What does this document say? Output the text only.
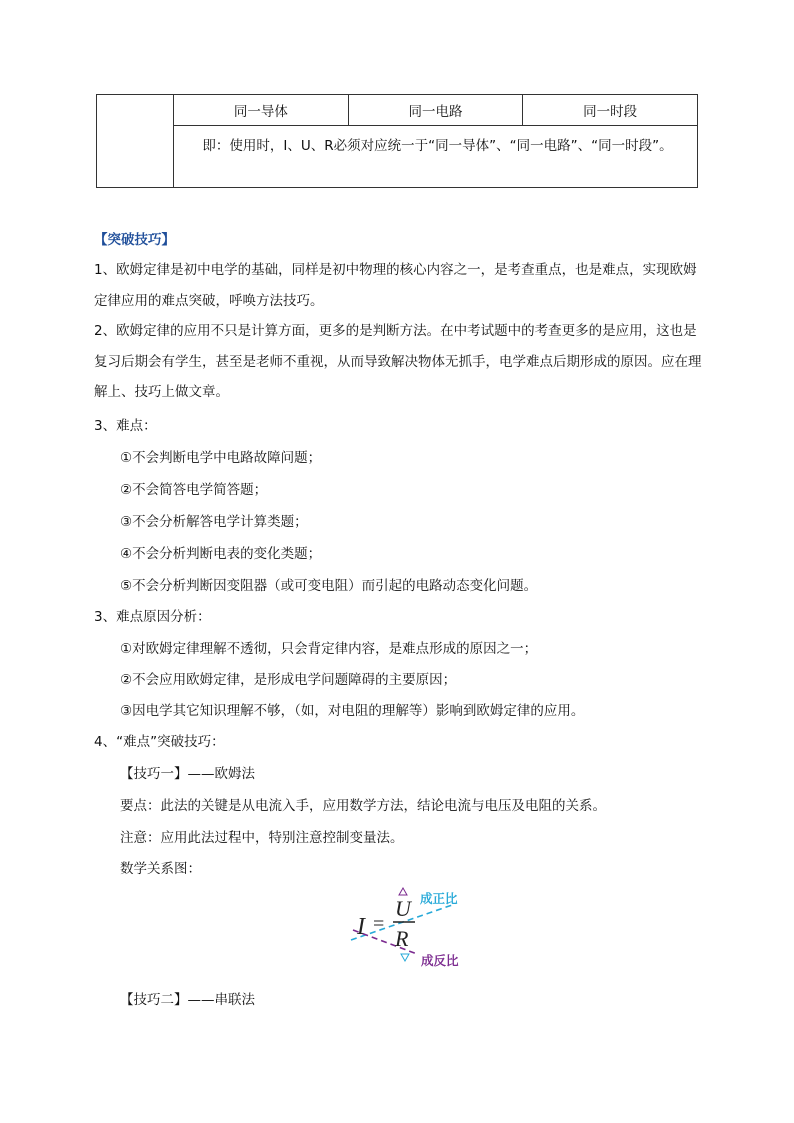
同一导体	同一电路	同一时段
即：使用时，I、U、R必须对应统一于“同一导体”、“同一电路”、“同一时段”。
【突破技巧】
1、欧姆定律是初中电学的基础，同样是初中物理的核心内容之一，是考查重点，也是难点，实现欧姆定律应用的难点突破，呼唤方法技巧。
2、欧姆定律的应用不只是计算方面，更多的是判断方法。在中考试题中的考查更多的是应用，这也是复习后期会有学生，甚至是老师不重视，从而导致解决物体无抓手，电学难点后期形成的原因。应在理解上、技巧上做文章。
3、难点：
①不会判断电学中电路故障问题；
②不会简答电学简答题；
③不会分析解答电学计算类题；
④不会分析判断电表的变化类题；
⑤不会分析判断因变阻器（或可变电阻）而引起的电路动态变化问题。
3、难点原因分析：
①对欧姆定律理解不透彻，只会背定律内容，是难点形成的原因之一；
②不会应用欧姆定律，是形成电学问题障碍的主要原因；
③因电学其它知识理解不够，（如，对电阻的理解等）影响到欧姆定律的应用。
4、“难点”突破技巧：
【技巧一】——欧姆法
要点：此法的关键是从电流入手，应用数学方法，结论电流与电压及电阻的关系。
注意：应用此法过程中，特别注意控制变量法。
数学关系图：
I =
U
R
成正比
成反比
【技巧二】——串联法
